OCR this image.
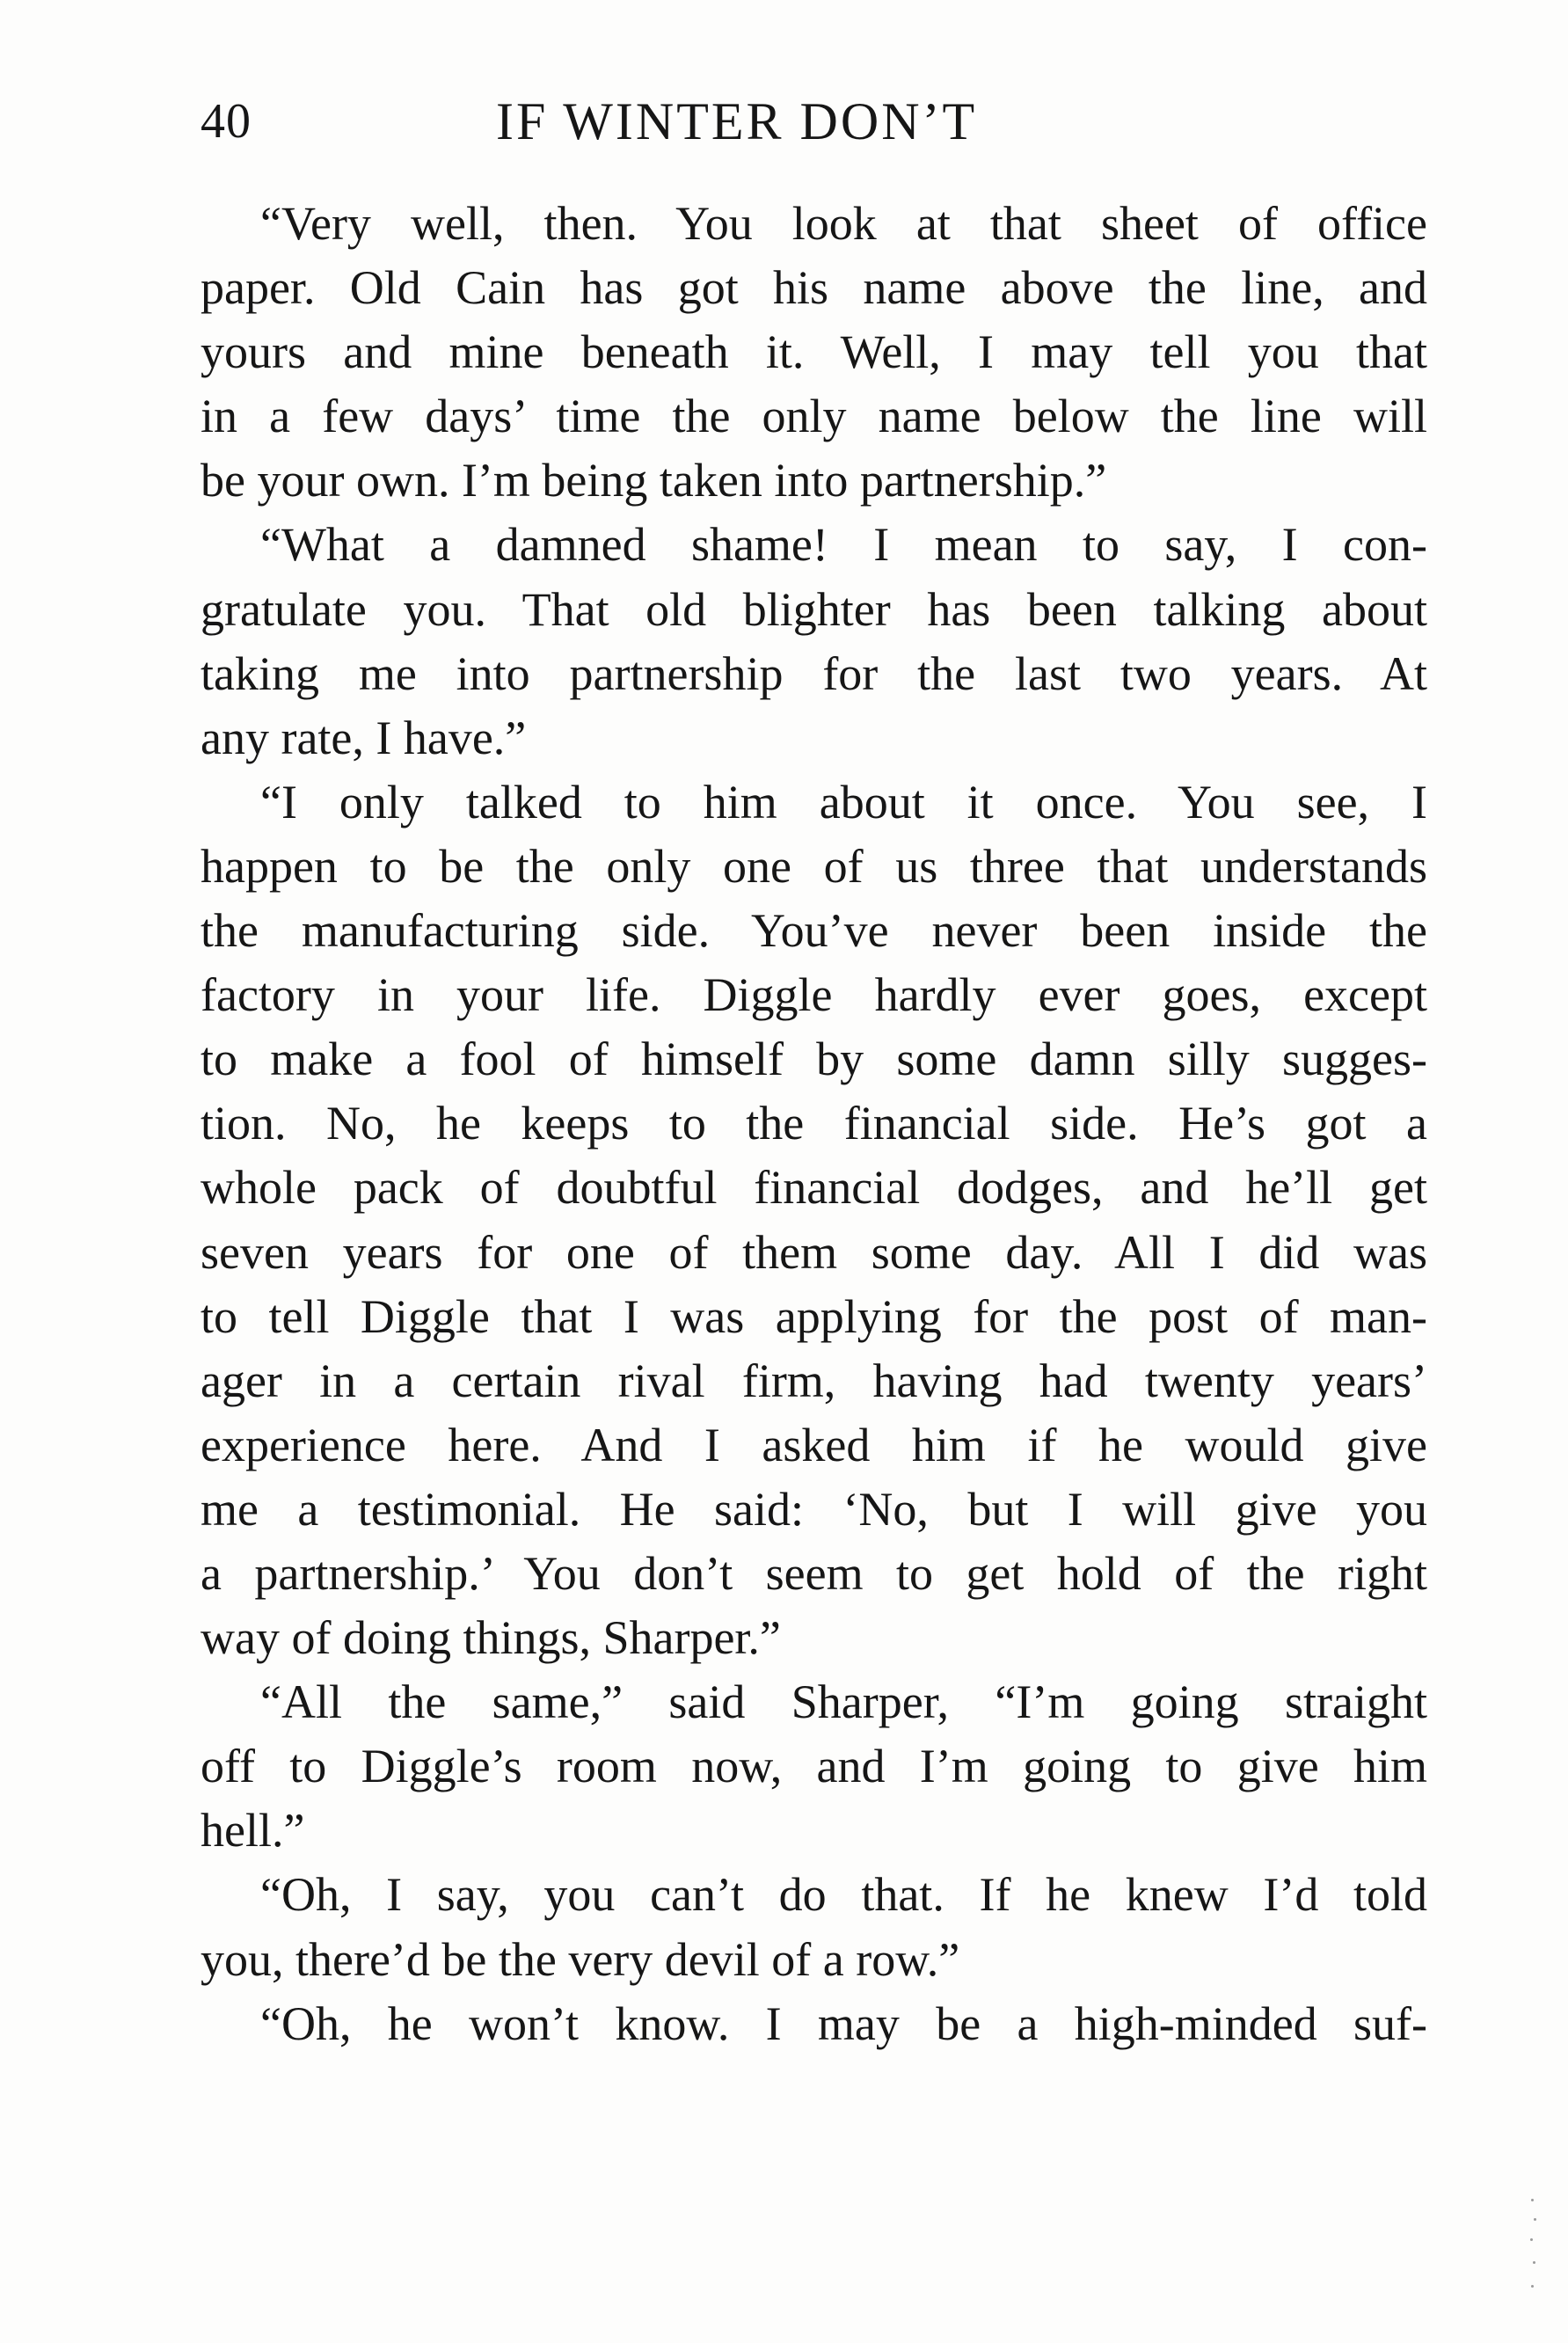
40	IF WINTER DON’T
“Very well, then. You look at that sheet of office
paper. Old Cain has got his name above the line, and
yours and mine beneath it. Well, I may tell you that
in a few days’ time the only name below the line will
be your own. I’m being taken into partnership.”
“What a damned shame! I mean to say, I con-
gratulate you. That old blighter has been talking about
taking me into partnership for the last two years. At
any rate, I have.”
“I only talked to him about it once. You see, I
happen to be the only one of us three that understands
the manufacturing side. You’ve never been inside the
factory in your life. Diggle hardly ever goes, except
to make a fool of himself by some damn silly sugges-
tion. No, he keeps to the financial side. He’s got a
whole pack of doubtful financial dodges, and he’ll get
seven years for one of them some day. All I did was
to tell Diggle that I was applying for the post of man-
ager in a certain rival firm, having had twenty years’
experience here. And I asked him if he would give
me a testimonial. He said: ‘No, but I will give you
a partnership.’ You don’t seem to get hold of the right
way of doing things, Sharper.”
“All the same,” said Sharper, “I’m going straight
off to Diggle’s room now, and I’m going to give him
hell.”
“Oh, I say, you can’t do that. If he knew I’d told
you, there’d be the very devil of a row.”
“Oh, he won’t know. I may be a high-minded suf-
